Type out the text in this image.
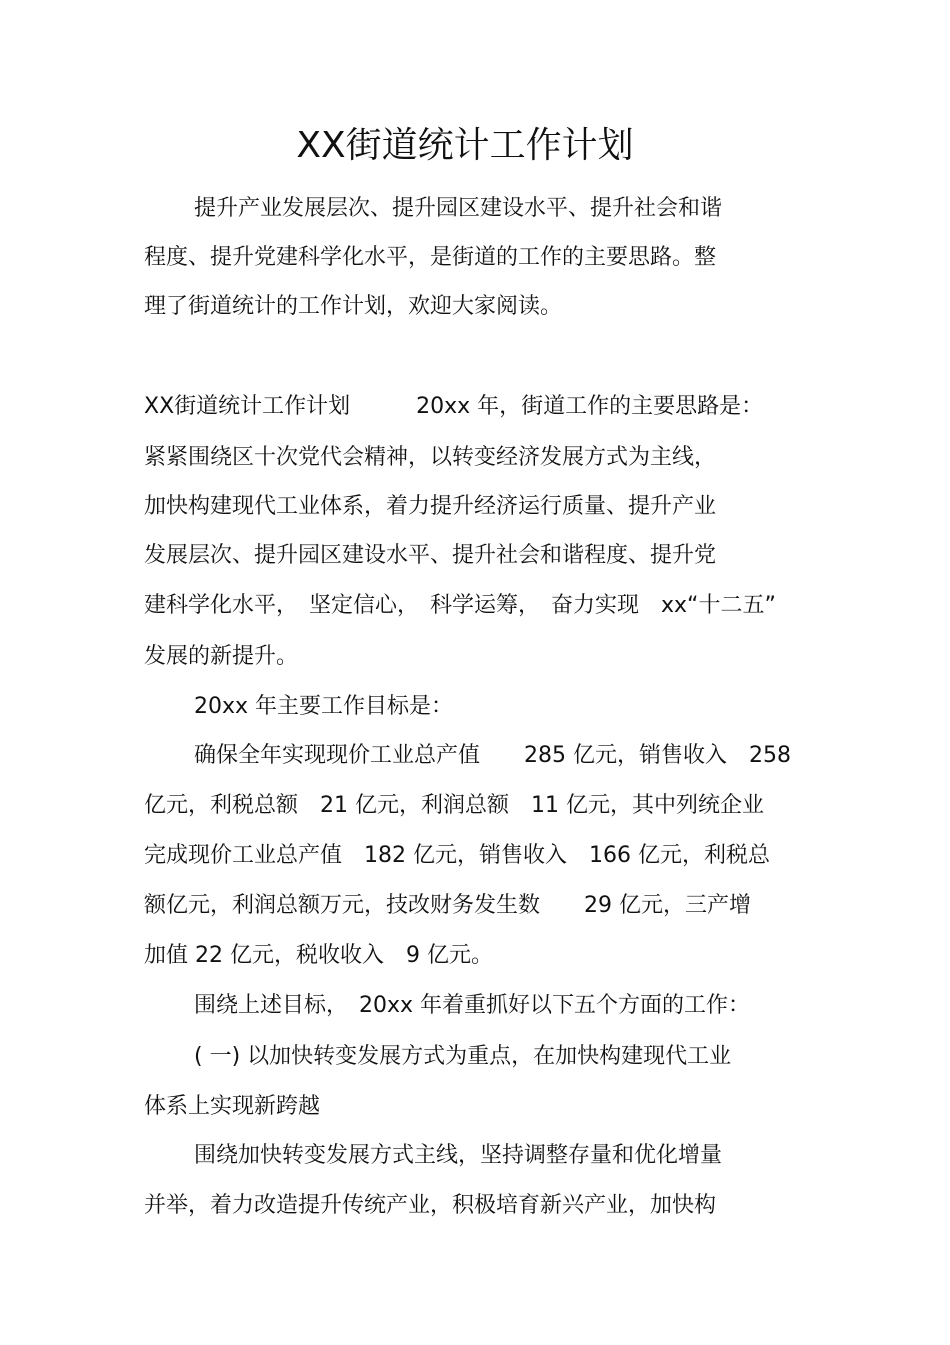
XX街道统计工作计划
提升产业发展层次、提升园区建设水平、提升社会和谐
程度、提升党建科学化水平，是街道的工作的主要思路。整
理了街道统计的工作计划，欢迎大家阅读。
XX街道统计工作计划　　　20xx 年，街道工作的主要思路是：
紧紧围绕区十次党代会精神，以转变经济发展方式为主线，
加快构建现代工业体系，着力提升经济运行质量、提升产业
发展层次、提升园区建设水平、提升社会和谐程度、提升党
建科学化水平，　坚定信心，　科学运筹，　奋力实现　xx“十二五”
发展的新提升。
20xx 年主要工作目标是：
确保全年实现现价工业总产值　　285 亿元，销售收入　258
亿元，利税总额　21 亿元，利润总额　11 亿元，其中列统企业
完成现价工业总产值　182 亿元，销售收入　166 亿元，利税总
额亿元，利润总额万元，技改财务发生数　　29 亿元，三产增
加值 22 亿元，税收收入　9 亿元。
围绕上述目标，　20xx 年着重抓好以下五个方面的工作：
( 一) 以加快转变发展方式为重点，在加快构建现代工业
体系上实现新跨越
围绕加快转变发展方式主线，坚持调整存量和优化增量
并举，着力改造提升传统产业，积极培育新兴产业，加快构
